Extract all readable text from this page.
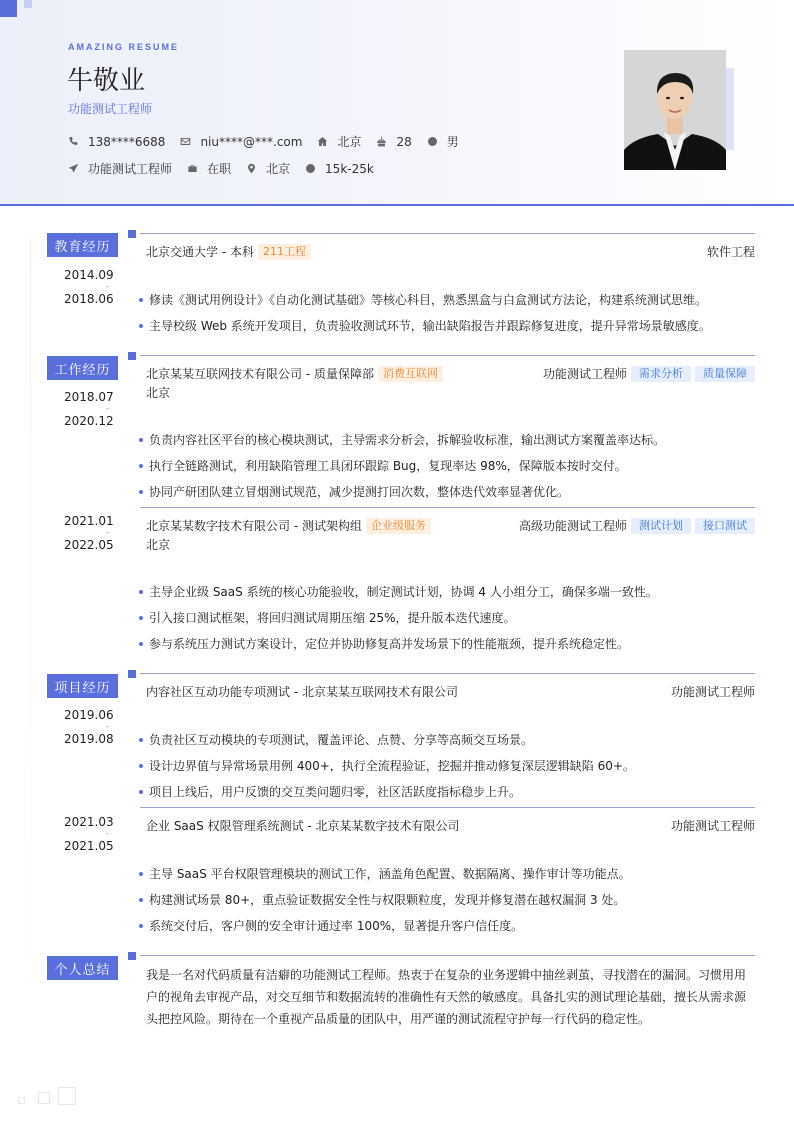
AMAZING RESUME
牛敬业
功能测试工程师
138****6688	niu****@***.com	北京	28	男
功能测试工程师	在职	北京	15k-25k
教育经历
2014.09
-
2018.06
北京交通大学 - 本科 211工程	软件工程
修读《测试用例设计》《自动化测试基础》等核心科目，熟悉黑盒与白盒测试方法论，构建系统测试思维。
主导校级 Web 系统开发项目，负责验收测试环节，输出缺陷报告并跟踪修复进度，提升异常场景敏感度。
工作经历
2018.07
-
2020.12
北京某某互联网技术有限公司 - 质量保障部 消费互联网	功能测试工程师	需求分析	质量保障
北京
负责内容社区平台的核心模块测试，主导需求分析会，拆解验收标准，输出测试方案覆盖率达标。
执行全链路测试，利用缺陷管理工具闭环跟踪 Bug，复现率达 98%，保障版本按时交付。
协同产研团队建立冒烟测试规范，减少提测打回次数，整体迭代效率显著优化。
2021.01
-
2022.05
北京某某数字技术有限公司 - 测试架构组 企业级服务	高级功能测试工程师	测试计划	接口测试
北京
主导企业级 SaaS 系统的核心功能验收，制定测试计划，协调 4 人小组分工，确保多端一致性。
引入接口测试框架，将回归测试周期压缩 25%，提升版本迭代速度。
参与系统压力测试方案设计，定位并协助修复高并发场景下的性能瓶颈，提升系统稳定性。
项目经历
2019.06
-
2019.08
内容社区互动功能专项测试 - 北京某某互联网技术有限公司	功能测试工程师
负责社区互动模块的专项测试，覆盖评论、点赞、分享等高频交互场景。
设计边界值与异常场景用例 400+，执行全流程验证，挖掘并推动修复深层逻辑缺陷 60+。
项目上线后，用户反馈的交互类问题归零，社区活跃度指标稳步上升。
2021.03
-
2021.05
企业 SaaS 权限管理系统测试 - 北京某某数字技术有限公司	功能测试工程师
主导 SaaS 平台权限管理模块的测试工作，涵盖角色配置、数据隔离、操作审计等功能点。
构建测试场景 80+，重点验证数据安全性与权限颗粒度，发现并修复潜在越权漏洞 3 处。
系统交付后，客户侧的安全审计通过率 100%，显著提升客户信任度。
个人总结	我是一名对代码质量有洁癖的功能测试工程师。热衷于在复杂的业务逻辑中抽丝剥茧，寻找潜在的漏洞。习惯用用户的视角去审视产品，对交互细节和数据流转的准确性有天然的敏感度。具备扎实的测试理论基础，擅长从需求源头把控风险。期待在一个重视产品质量的团队中，用严谨的测试流程守护每一行代码的稳定性。
